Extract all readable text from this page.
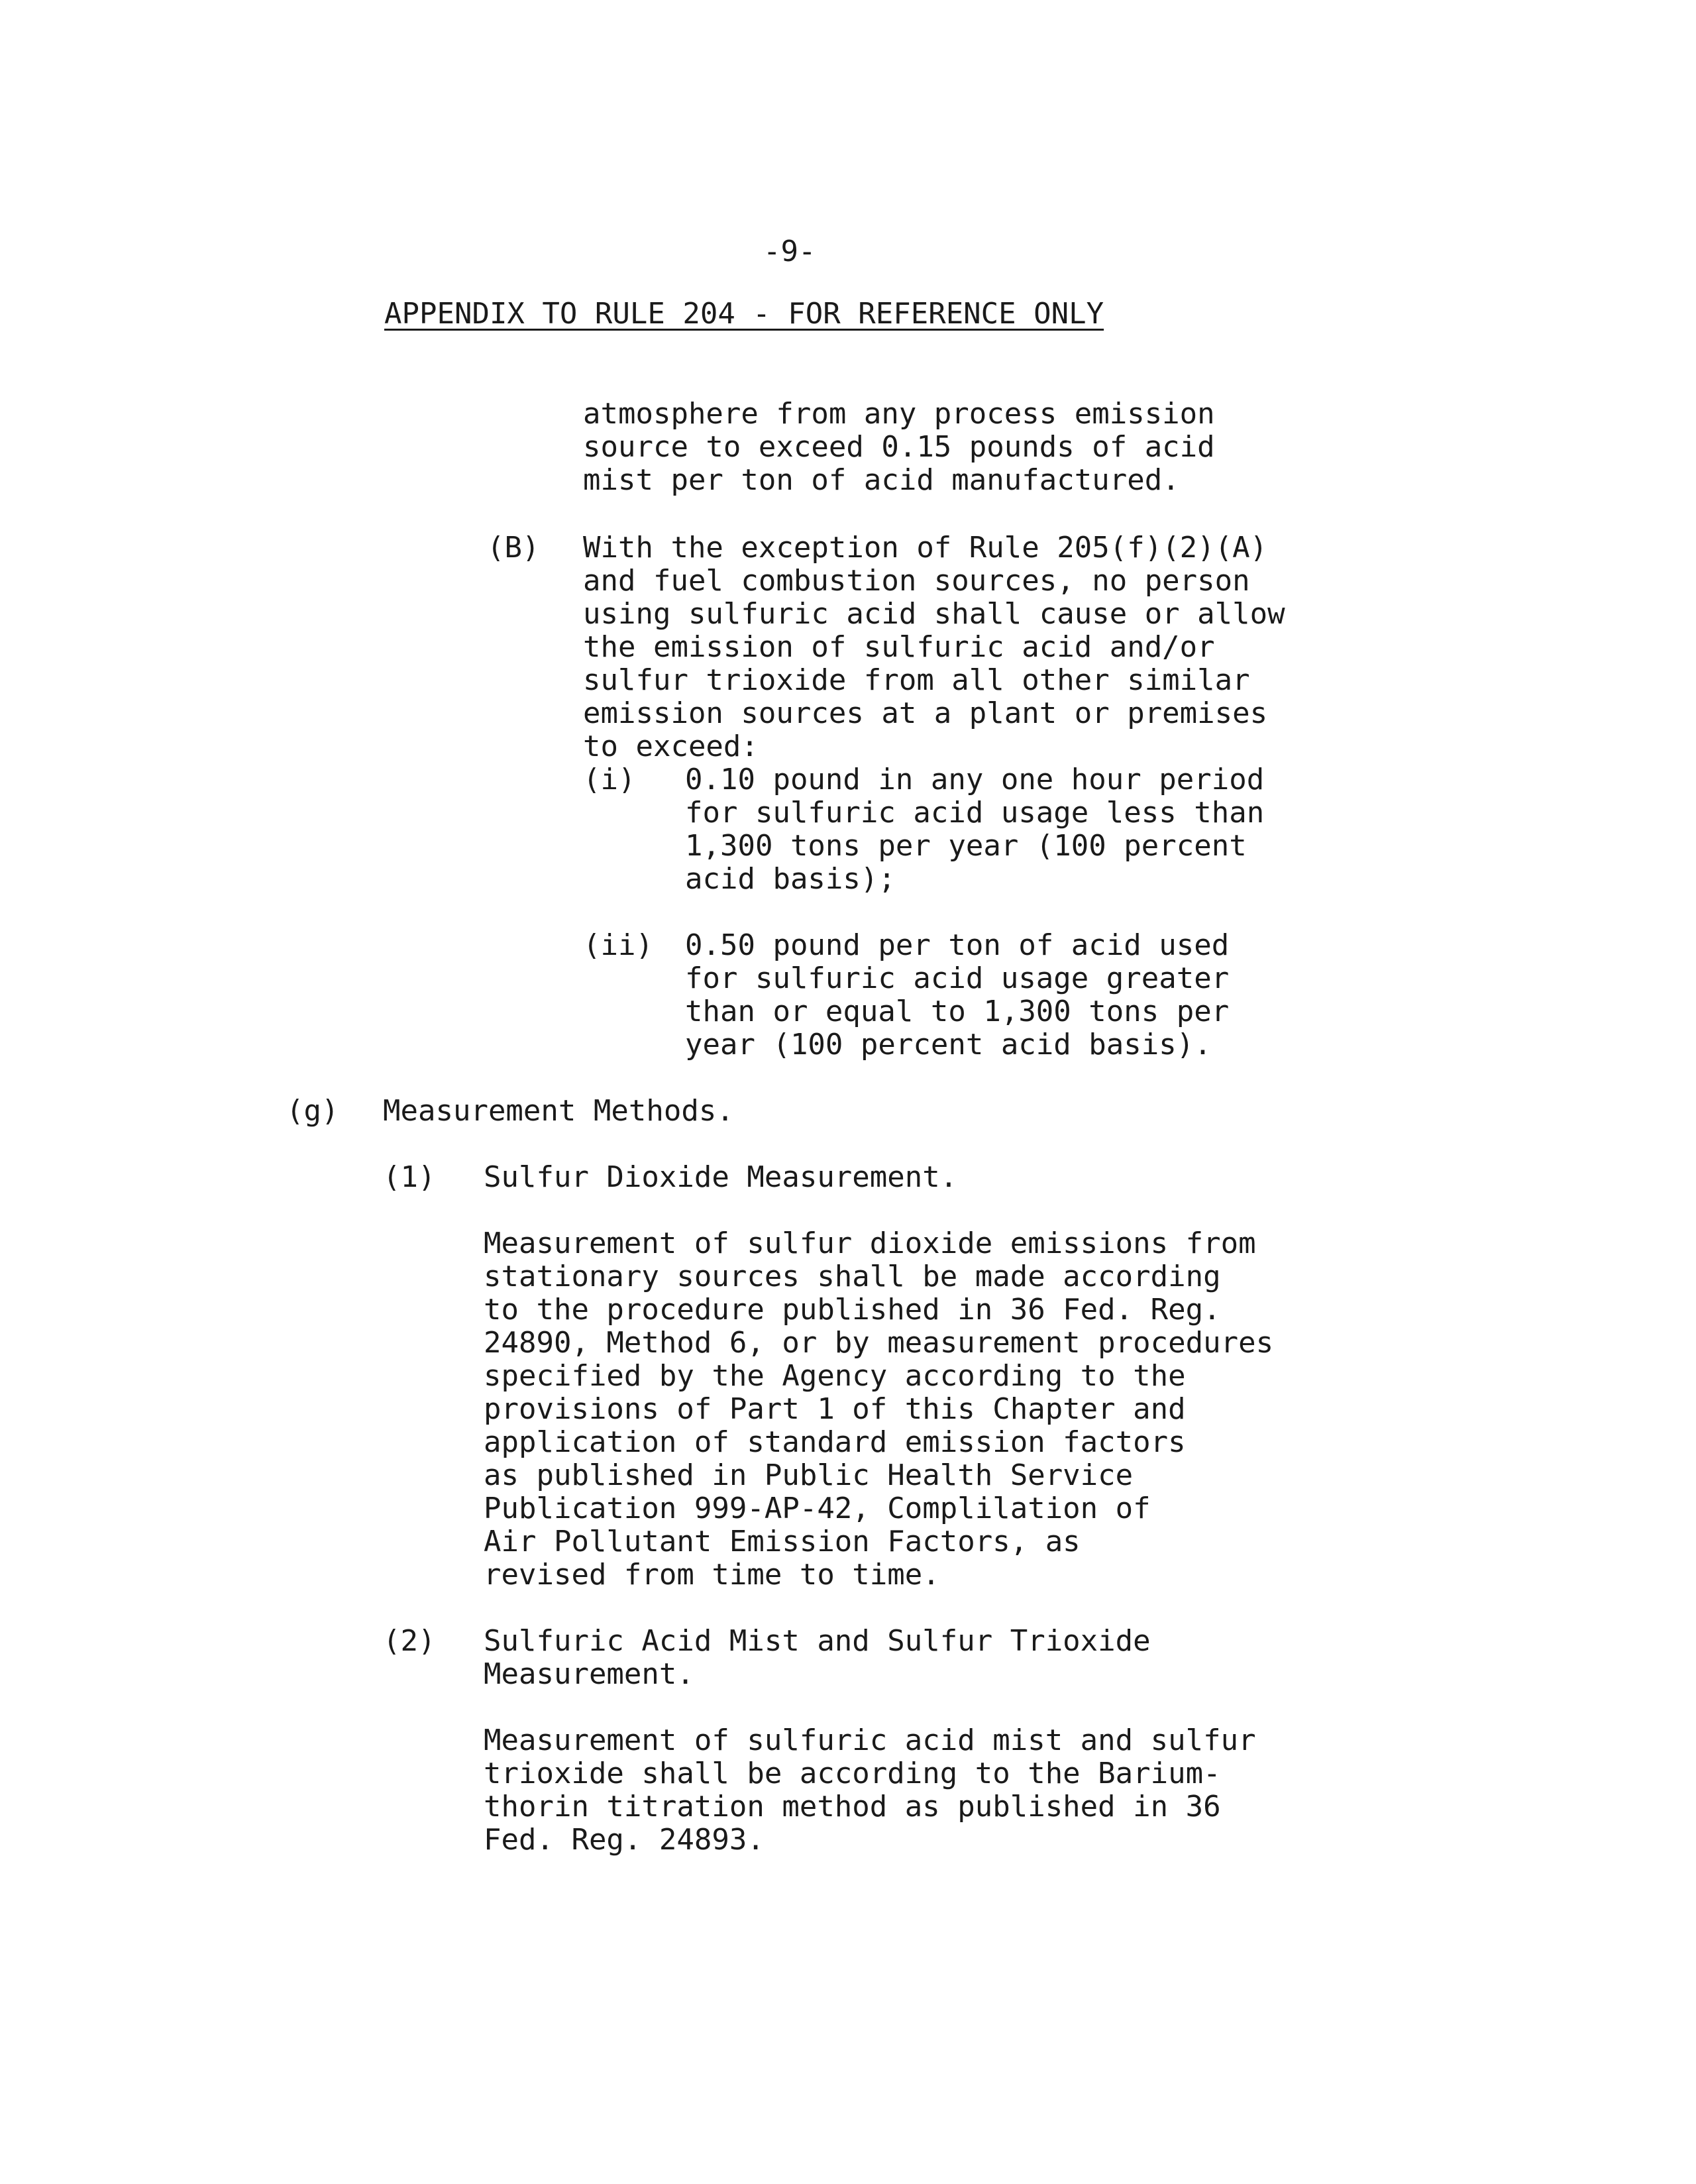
-9-
APPENDIX TO RULE 204 - FOR REFERENCE ONLY

atmosphere from any process emission

source to exceed 0.15 pounds of acid

mist per ton of acid manufactured.

(B) With the exception of Rule 205(f)(2)(A)

and fuel combustion sources, no person

using sulfuric acid shall cause or allow

the emission of sulfuric acid and/or

sulfur trioxide from all other similar

emission sources at a plant or premises

to exceed:

(i) 0.10 pound in any one hour period

for sulfuric acid usage less than

1,300 tons per year (100 percent

acid basis);

(ii) 0.50 pound per ton of acid used

for sulfuric acid usage greater

than or equal to 1,300 tons per

year (100 percent acid basis).

(g) Measurement Methods.
(1) Sulfur Dioxide Measurement.

Measurement of sulfur dioxide emissions from

stationary sources shall be made according

to the procedure published in 36 Fed. Reg.

24890, Method 6, or by measurement procedures

specified by the Agency according to the

provisions of Part 1 of this Chapter and

application of standard emission factors

as published in Public Health Service

Publication 999-AP-42, Complilation of

Air Pollutant Emission Factors, as

revised from time to time.

(2) Sulfuric Acid Mist and Sulfur Trioxide

Measurement.

Measurement of sulfuric acid mist and sulfur

trioxide shall be according to the Barium-

thorin titration method as published in 36

Fed. Reg. 24893.
